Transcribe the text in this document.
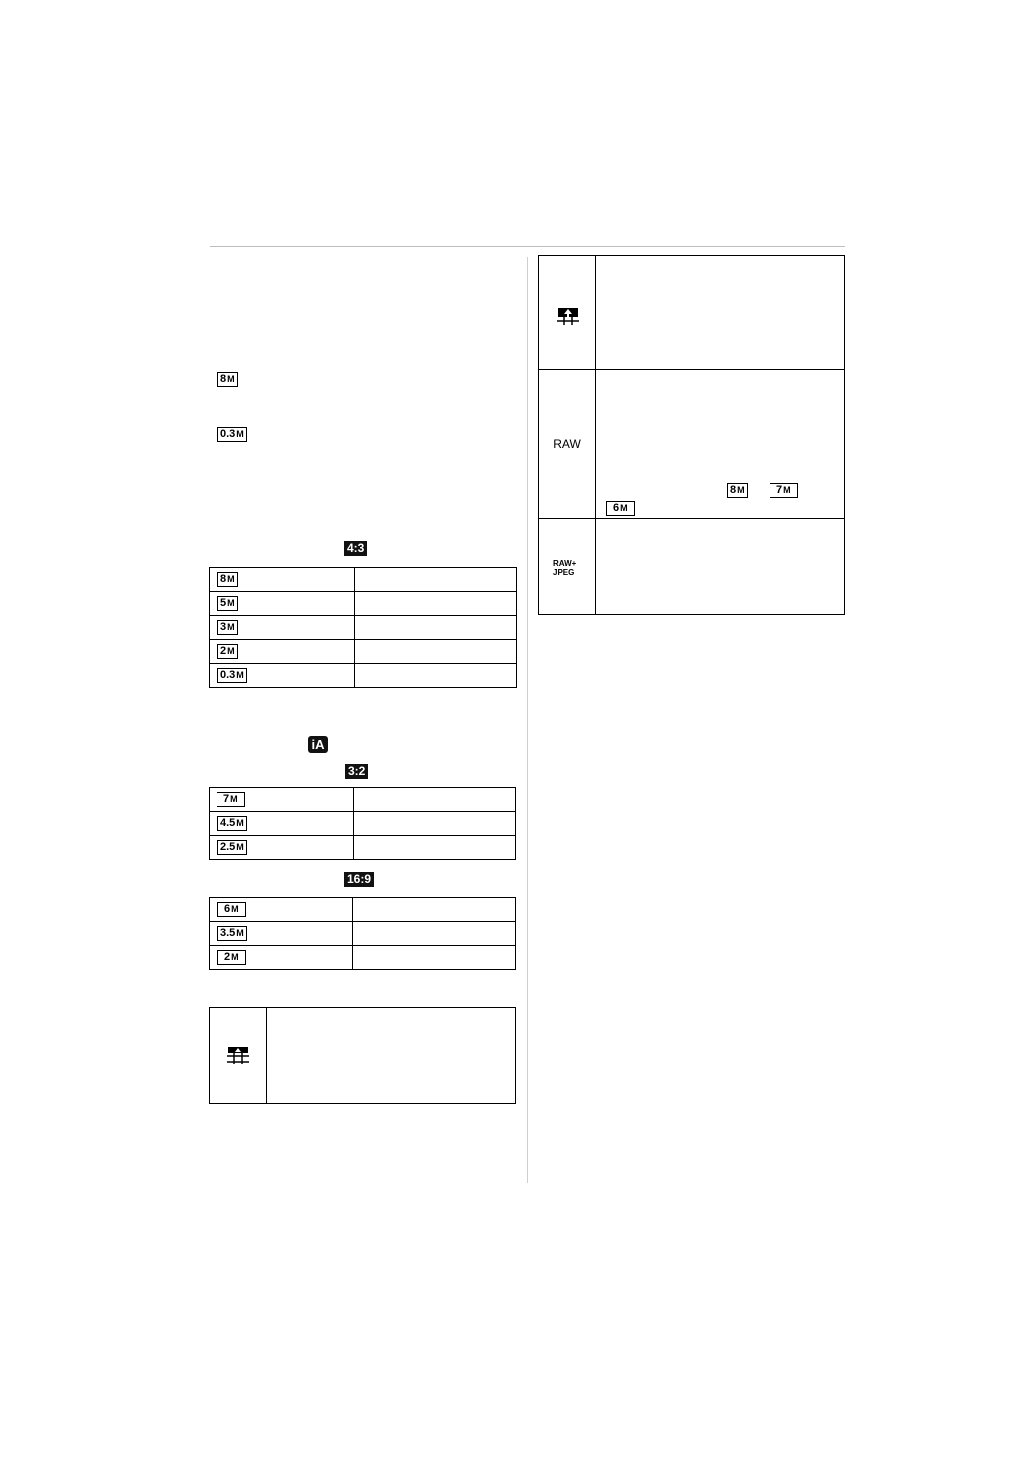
8M
0.3M
4:3
8M	

5M	

3M	

2M	

0.3M	

iA
3:2
7M	

4.5M	

2.5M	

16:9
6M	

3.5M	

2M	

RAW	8M 7M
6M

RAW+
JPEG	
